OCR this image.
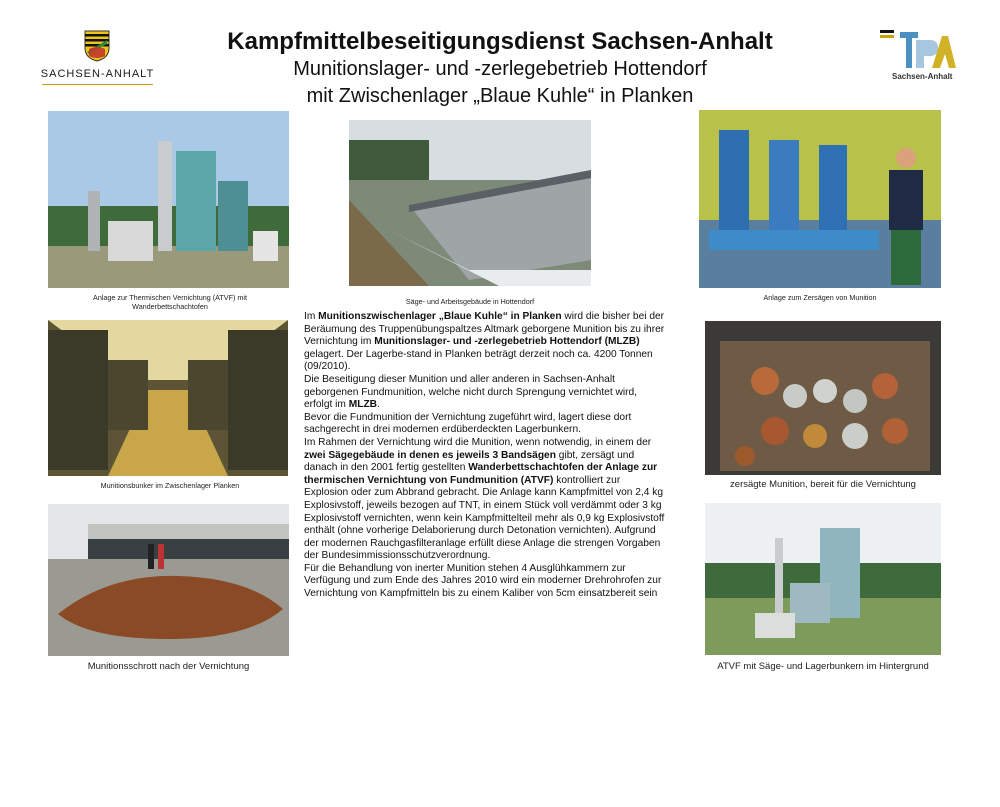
SACHSEN-ANHALT	Sachsen-Anhalt
Kampfmittelbeseitigungsdienst Sachsen-Anhalt
Munitionslager- und -zerlegebetrieb Hottendorf
mit Zwischenlager „Blaue Kuhle“ in Planken
Anlage zur Thermischen Vernichtung (ATVF) mit Wanderbettschachtofen
Säge- und Arbeitsgebäude in Hottendorf	Anlage zum Zersägen von Munition
Munitionsbunker im Zwischenlager Planken	zersägte Munition, bereit für die Vernichtung
Munitionsschrott nach der Vernichtung	ATVF mit Säge- und Lagerbunkern im Hintergrund

Im Munitionszwischenlager „Blaue Kuhle“ in Planken wird die bisher bei der Beräumung des Truppenübungspaltzes Altmark geborgene Munition bis zu ihrer Vernichtung im Munitionslager- und -zerlegebetrieb Hottendorf (MLZB) gelagert. Der Lagerbe-stand in Planken beträgt derzeit noch ca. 4200 Tonnen (09/2010).

Die Beseitigung dieser Munition und aller anderen in Sachsen-Anhalt geborgenen Fundmunition, welche nicht durch Sprengung vernichtet wird, erfolgt im MLZB.

Bevor die Fundmunition der Vernichtung zugeführt wird, lagert diese dort sachgerecht in drei modernen erdüberdeckten Lagerbunkern.

Im Rahmen der Vernichtung wird die Munition, wenn notwendig, in einem der zwei Sägegebäude in denen es jeweils 3 Bandsägen gibt, zersägt und danach in den 2001 fertig gestellten Wanderbettschachtofen der Anlage zur thermischen Vernichtung von Fundmunition (ATVF) kontrolliert zur Explosion oder zum Abbrand gebracht. Die Anlage kann Kampfmittel von 2,4 kg Explosivstoff, jeweils bezogen auf TNT, in einem Stück voll verdämmt oder 3 kg Explosivstoff vernichten, wenn kein Kampfmittelteil mehr als 0,9 kg Explosivstoff enthält (ohne vorherige Delaborierung durch Detonation vernichten). Aufgrund der modernen Rauchgasfilteranlage erfüllt diese Anlage die strengen Vorgaben der Bundesimmissionsschutzverordnung.

Für die Behandlung von inerter Munition stehen 4 Ausglühkammern zur Verfügung und zum Ende des Jahres 2010 wird ein moderner Drehrohrofen zur Vernichtung von Kampfmitteln bis zu einem Kaliber von 5cm einsatzbereit sein
